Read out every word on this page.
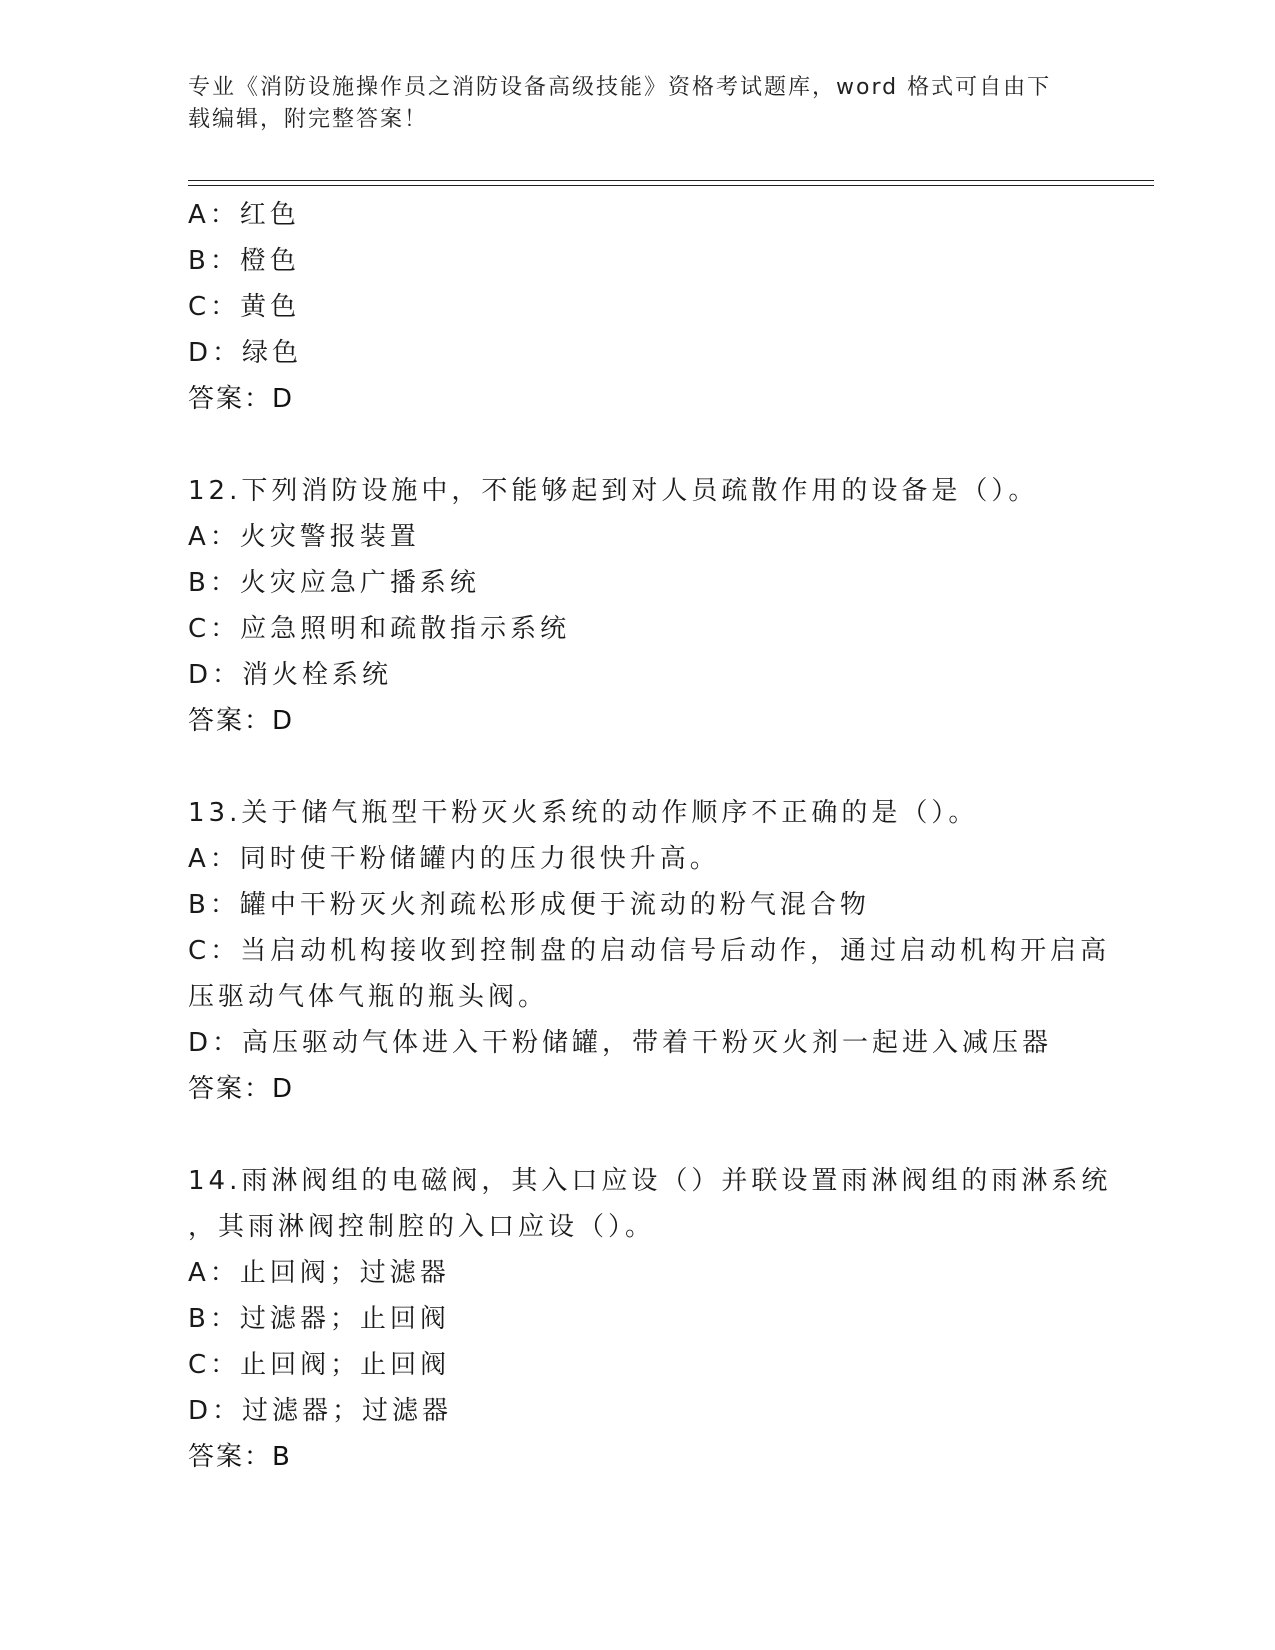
专业《消防设施操作员之消防设备高级技能》资格考试题库，word 格式可自由下
载编辑，附完整答案！
A：红色
B：橙色
C：黄色
D：绿色
答案：D
12.下列消防设施中，不能够起到对人员疏散作用的设备是（）。
A：火灾警报装置
B：火灾应急广播系统
C：应急照明和疏散指示系统
D：消火栓系统
答案：D
13.关于储气瓶型干粉灭火系统的动作顺序不正确的是（）。
A：同时使干粉储罐内的压力很快升高。
B：罐中干粉灭火剂疏松形成便于流动的粉气混合物
C：当启动机构接收到控制盘的启动信号后动作，通过启动机构开启高
压驱动气体气瓶的瓶头阀。
D：高压驱动气体进入干粉储罐，带着干粉灭火剂一起进入减压器
答案：D
14.雨淋阀组的电磁阀，其入口应设（）并联设置雨淋阀组的雨淋系统
，其雨淋阀控制腔的入口应设（）。
A：止回阀；过滤器
B：过滤器；止回阀
C：止回阀；止回阀
D：过滤器；过滤器
答案：B
